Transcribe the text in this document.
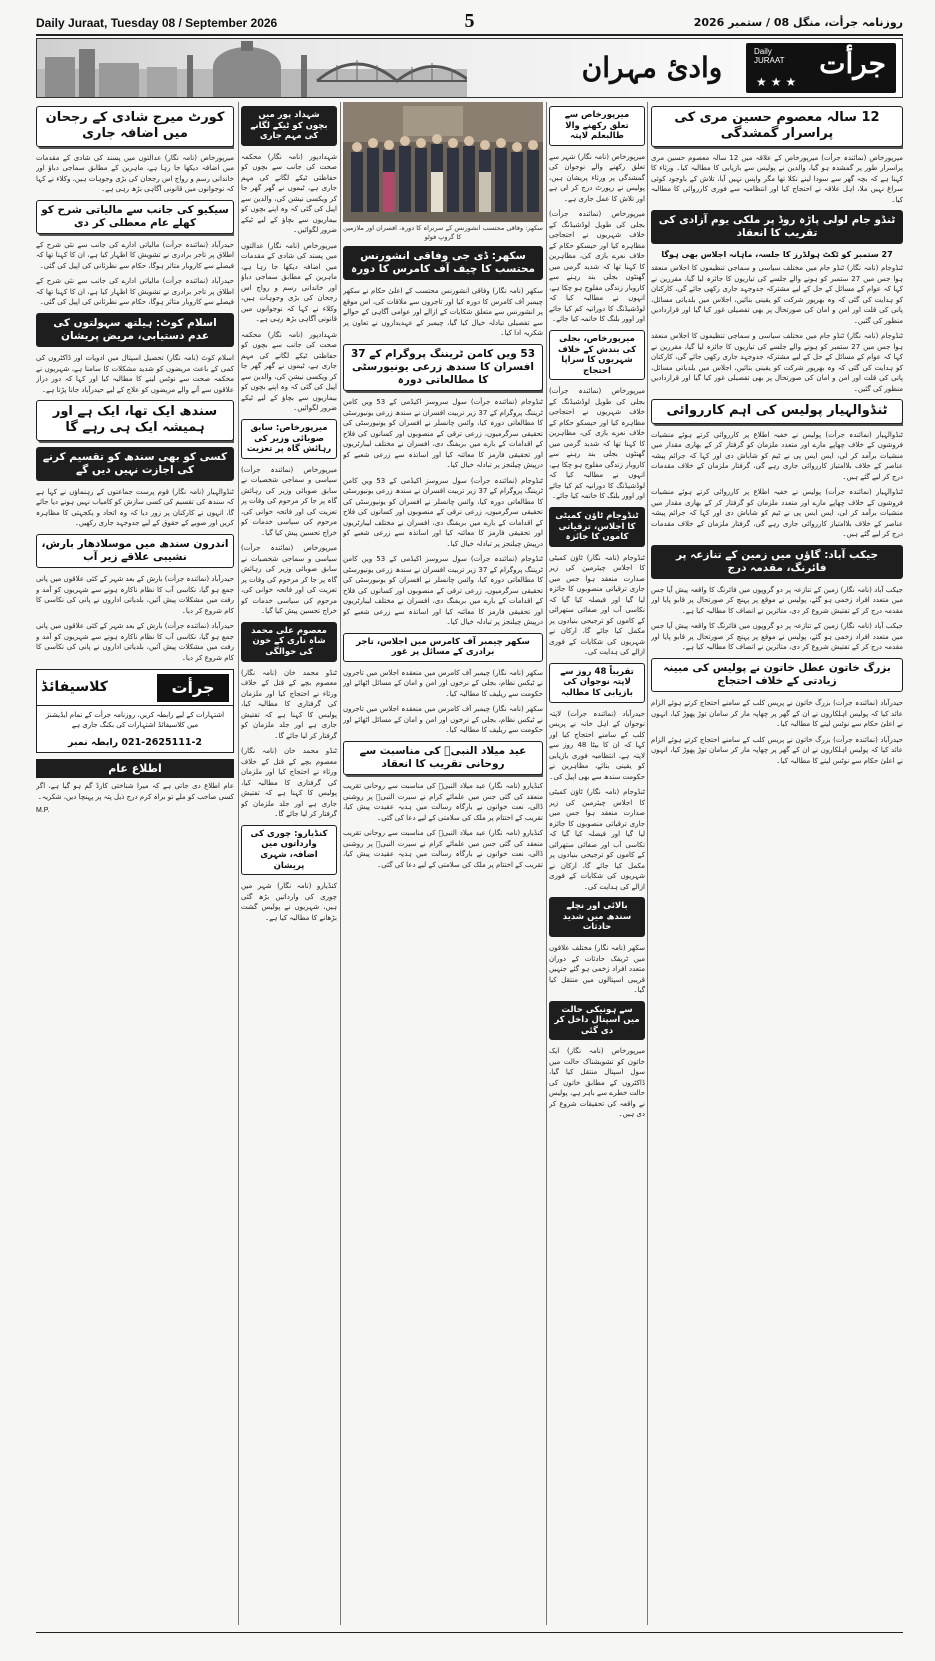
Daily Juraat, Tuesday 08 / September 2026	5	روزنامہ جرأت، منگل 08 / ستمبر 2026
وادیٔ مہران	Daily
JURAAT جرأت
★★★
12 سالہ معصوم حسین مری کی پراسرار گمشدگی
میرپورخاص (نمائندہ جرأت) میرپورخاص کے علاقہ میں 12 سالہ معصوم حسین مری پراسرار طور پر گمشدہ ہو گیا، والدین نے پولیس سے بازیابی کا مطالبہ کیا۔ ورثاء کا کہنا ہے کہ بچہ گھر سے سودا لینے نکلا تھا مگر واپس نہیں آیا، تلاش کے باوجود کوئی سراغ نہیں ملا، اہل علاقہ نے احتجاج کیا اور انتظامیہ سے فوری کارروائی کا مطالبہ کیا۔
ٹنڈو جام لولی پاڑہ روڈ پر ملکی یوم آزادی کی تقریب کا انعقاد
27 ستمبر کو ٹکٹ ہولڈرز کا جلسہ، ماہانہ اجلاس بھی ہوگا
ٹنڈوجام (نامہ نگار) ٹنڈو جام میں مختلف سیاسی و سماجی تنظیموں کا اجلاس منعقد ہوا جس میں 27 ستمبر کو ہونے والے جلسے کی تیاریوں کا جائزہ لیا گیا، مقررین نے کہا کہ عوام کے مسائل کے حل کے لیے مشترکہ جدوجہد جاری رکھی جائے گی، کارکنان کو ہدایت کی گئی کہ وہ بھرپور شرکت کو یقینی بنائیں، اجلاس میں بلدیاتی مسائل، پانی کی قلت اور امن و امان کی صورتحال پر بھی تفصیلی غور کیا گیا اور قراردادیں منظور کی گئیں۔
ٹنڈوجام (نامہ نگار) ٹنڈو جام میں مختلف سیاسی و سماجی تنظیموں کا اجلاس منعقد ہوا جس میں 27 ستمبر کو ہونے والے جلسے کی تیاریوں کا جائزہ لیا گیا، مقررین نے کہا کہ عوام کے مسائل کے حل کے لیے مشترکہ جدوجہد جاری رکھی جائے گی، کارکنان کو ہدایت کی گئی کہ وہ بھرپور شرکت کو یقینی بنائیں، اجلاس میں بلدیاتی مسائل، پانی کی قلت اور امن و امان کی صورتحال پر بھی تفصیلی غور کیا گیا اور قراردادیں منظور کی گئیں۔
ٹنڈوالہیار پولیس کی اہم کارروائی
ٹنڈوالہیار (نمائندہ جرأت) پولیس نے خفیہ اطلاع پر کارروائی کرتے ہوئے منشیات فروشوں کے خلاف چھاپے مارے اور متعدد ملزمان کو گرفتار کر کے بھاری مقدار میں منشیات برآمد کر لی، ایس ایس پی نے ٹیم کو شاباش دی اور کہا کہ جرائم پیشہ عناصر کے خلاف بلاامتیاز کارروائی جاری رہے گی، گرفتار ملزمان کے خلاف مقدمات درج کر لیے گئے ہیں۔
ٹنڈوالہیار (نمائندہ جرأت) پولیس نے خفیہ اطلاع پر کارروائی کرتے ہوئے منشیات فروشوں کے خلاف چھاپے مارے اور متعدد ملزمان کو گرفتار کر کے بھاری مقدار میں منشیات برآمد کر لی، ایس ایس پی نے ٹیم کو شاباش دی اور کہا کہ جرائم پیشہ عناصر کے خلاف بلاامتیاز کارروائی جاری رہے گی، گرفتار ملزمان کے خلاف مقدمات درج کر لیے گئے ہیں۔
جیکب آباد: گاؤں میں زمین کے تنازعہ پر فائرنگ، مقدمہ درج
جیکب آباد (نامہ نگار) زمین کے تنازعہ پر دو گروپوں میں فائرنگ کا واقعہ پیش آیا جس میں متعدد افراد زخمی ہو گئے، پولیس نے موقع پر پہنچ کر صورتحال پر قابو پایا اور مقدمہ درج کر کے تفتیش شروع کر دی، متاثرین نے انصاف کا مطالبہ کیا ہے۔
جیکب آباد (نامہ نگار) زمین کے تنازعہ پر دو گروپوں میں فائرنگ کا واقعہ پیش آیا جس میں متعدد افراد زخمی ہو گئے، پولیس نے موقع پر پہنچ کر صورتحال پر قابو پایا اور مقدمہ درج کر کے تفتیش شروع کر دی، متاثرین نے انصاف کا مطالبہ کیا ہے۔
بزرگ خاتون عطل خاتون نے پولیس کی مبینہ زیادتی کے خلاف احتجاج
حیدرآباد (نمائندہ جرأت) بزرگ خاتون نے پریس کلب کے سامنے احتجاج کرتے ہوئے الزام عائد کیا کہ پولیس اہلکاروں نے ان کے گھر پر چھاپہ مار کر سامان توڑ پھوڑ کیا، انہوں نے اعلیٰ حکام سے نوٹس لینے کا مطالبہ کیا۔
حیدرآباد (نمائندہ جرأت) بزرگ خاتون نے پریس کلب کے سامنے احتجاج کرتے ہوئے الزام عائد کیا کہ پولیس اہلکاروں نے ان کے گھر پر چھاپہ مار کر سامان توڑ پھوڑ کیا، انہوں نے اعلیٰ حکام سے نوٹس لینے کا مطالبہ کیا۔
میرپورخاص سے تعلق رکھنے والا طالبعلم لاپتہ
میرپورخاص (نامہ نگار) شہر سے تعلق رکھنے والے نوجوان کی گمشدگی پر ورثاء پریشان ہیں، پولیس نے رپورٹ درج کر لی ہے اور تلاش کا عمل جاری ہے۔
میرپورخاص (نمائندہ جرأت) بجلی کی طویل لوڈشیڈنگ کے خلاف شہریوں نے احتجاجی مظاہرہ کیا اور حیسکو حکام کے خلاف نعرے بازی کی، مظاہرین کا کہنا تھا کہ شدید گرمی میں گھنٹوں بجلی بند رہنے سے کاروبار زندگی مفلوج ہو چکا ہے، انہوں نے مطالبہ کیا کہ لوڈشیڈنگ کا دورانیہ کم کیا جائے اور اوور بلنگ کا خاتمہ کیا جائے۔
میرپورخاص، بجلی کی بندش کے خلاف شہریوں کا سراپا احتجاج
میرپورخاص (نمائندہ جرأت) بجلی کی طویل لوڈشیڈنگ کے خلاف شہریوں نے احتجاجی مظاہرہ کیا اور حیسکو حکام کے خلاف نعرے بازی کی، مظاہرین کا کہنا تھا کہ شدید گرمی میں گھنٹوں بجلی بند رہنے سے کاروبار زندگی مفلوج ہو چکا ہے، انہوں نے مطالبہ کیا کہ لوڈشیڈنگ کا دورانیہ کم کیا جائے اور اوور بلنگ کا خاتمہ کیا جائے۔
ٹنڈوجام ٹاؤن کمیٹی کا اجلاس، ترقیاتی کاموں کا جائزہ
ٹنڈوجام (نامہ نگار) ٹاؤن کمیٹی کا اجلاس چیئرمین کی زیر صدارت منعقد ہوا جس میں جاری ترقیاتی منصوبوں کا جائزہ لیا گیا اور فیصلہ کیا گیا کہ نکاسی آب اور صفائی ستھرائی کے کاموں کو ترجیحی بنیادوں پر مکمل کیا جائے گا، ارکان نے شہریوں کی شکایات کے فوری ازالے کی ہدایت کی۔
تقریباً 48 روز سے لاپتہ نوجوان کی بازیابی کا مطالبہ
حیدرآباد (نمائندہ جرأت) لاپتہ نوجوان کے اہل خانہ نے پریس کلب کے سامنے احتجاج کیا اور کہا کہ ان کا بیٹا 48 روز سے لاپتہ ہے، انتظامیہ فوری بازیابی کو یقینی بنائے، مظاہرین نے حکومت سندھ سے بھی اپیل کی۔
ٹنڈوجام (نامہ نگار) ٹاؤن کمیٹی کا اجلاس چیئرمین کی زیر صدارت منعقد ہوا جس میں جاری ترقیاتی منصوبوں کا جائزہ لیا گیا اور فیصلہ کیا گیا کہ نکاسی آب اور صفائی ستھرائی کے کاموں کو ترجیحی بنیادوں پر مکمل کیا جائے گا، ارکان نے شہریوں کی شکایات کے فوری ازالے کی ہدایت کی۔
بالائی اور نچلے سندھ میں شدید حادثات
سکھر (نامہ نگار) مختلف علاقوں میں ٹریفک حادثات کے دوران متعدد افراد زخمی ہو گئے جنہیں قریبی اسپتالوں میں منتقل کیا گیا۔
سے ہونیکی حالت میں اسپتال داخل کر دی گئی
میرپورخاص (نامہ نگار) ایک خاتون کو تشویشناک حالت میں سول اسپتال منتقل کیا گیا، ڈاکٹروں کے مطابق خاتون کی حالت خطرے سے باہر ہے، پولیس نے واقعہ کی تحقیقات شروع کر دی ہیں۔
سکھر: وفاقی محتسب انشورنس کے سربراہ کا دورہ، افسران اور ملازمین کا گروپ فوٹو
سکھر: ڈی جی وفاقی انشورنس محتسب کا چیف آف کامرس کا دورہ
سکھر (نامہ نگار) وفاقی انشورنس محتسب کے اعلیٰ حکام نے سکھر چیمبر آف کامرس کا دورہ کیا اور تاجروں سے ملاقات کی، اس موقع پر انشورنس سے متعلق شکایات کے ازالے اور عوامی آگاہی کے حوالے سے تفصیلی تبادلہ خیال کیا گیا، چیمبر کے عہدیداروں نے تعاون پر شکریہ ادا کیا۔
53 ویں کامن ٹریننگ پروگرام کے 37 افسران کا سندھ زرعی یونیورسٹی کا مطالعاتی دورہ
ٹنڈوجام (نمائندہ جرأت) سول سروسز اکیڈمی کے 53 ویں کامن ٹریننگ پروگرام کے 37 زیر تربیت افسران نے سندھ زرعی یونیورسٹی کا مطالعاتی دورہ کیا، وائس چانسلر نے افسران کو یونیورسٹی کی تحقیقی سرگرمیوں، زرعی ترقی کے منصوبوں اور کسانوں کی فلاح کے اقدامات کے بارے میں بریفنگ دی، افسران نے مختلف لیبارٹریوں اور تحقیقی فارمز کا معائنہ کیا اور اساتذہ سے زرعی شعبے کو درپیش چیلنجز پر تبادلہ خیال کیا۔
ٹنڈوجام (نمائندہ جرأت) سول سروسز اکیڈمی کے 53 ویں کامن ٹریننگ پروگرام کے 37 زیر تربیت افسران نے سندھ زرعی یونیورسٹی کا مطالعاتی دورہ کیا، وائس چانسلر نے افسران کو یونیورسٹی کی تحقیقی سرگرمیوں، زرعی ترقی کے منصوبوں اور کسانوں کی فلاح کے اقدامات کے بارے میں بریفنگ دی، افسران نے مختلف لیبارٹریوں اور تحقیقی فارمز کا معائنہ کیا اور اساتذہ سے زرعی شعبے کو درپیش چیلنجز پر تبادلہ خیال کیا۔
ٹنڈوجام (نمائندہ جرأت) سول سروسز اکیڈمی کے 53 ویں کامن ٹریننگ پروگرام کے 37 زیر تربیت افسران نے سندھ زرعی یونیورسٹی کا مطالعاتی دورہ کیا، وائس چانسلر نے افسران کو یونیورسٹی کی تحقیقی سرگرمیوں، زرعی ترقی کے منصوبوں اور کسانوں کی فلاح کے اقدامات کے بارے میں بریفنگ دی، افسران نے مختلف لیبارٹریوں اور تحقیقی فارمز کا معائنہ کیا اور اساتذہ سے زرعی شعبے کو درپیش چیلنجز پر تبادلہ خیال کیا۔
سکھر چیمبر آف کامرس میں اجلاس، تاجر برادری کے مسائل پر غور
سکھر (نامہ نگار) چیمبر آف کامرس میں منعقدہ اجلاس میں تاجروں نے ٹیکس نظام، بجلی کے نرخوں اور امن و امان کے مسائل اٹھائے اور حکومت سے ریلیف کا مطالبہ کیا۔
سکھر (نامہ نگار) چیمبر آف کامرس میں منعقدہ اجلاس میں تاجروں نے ٹیکس نظام، بجلی کے نرخوں اور امن و امان کے مسائل اٹھائے اور حکومت سے ریلیف کا مطالبہ کیا۔
عید میلاد النبیؐ کی مناسبت سے روحانی تقریب کا انعقاد
کنڈیارو (نامہ نگار) عید میلاد النبیؐ کی مناسبت سے روحانی تقریب منعقد کی گئی جس میں علمائے کرام نے سیرت النبیؐ پر روشنی ڈالی، نعت خوانوں نے بارگاہ رسالت میں ہدیہ عقیدت پیش کیا، تقریب کے اختتام پر ملک کی سلامتی کے لیے دعا کی گئی۔
کنڈیارو (نامہ نگار) عید میلاد النبیؐ کی مناسبت سے روحانی تقریب منعقد کی گئی جس میں علمائے کرام نے سیرت النبیؐ پر روشنی ڈالی، نعت خوانوں نے بارگاہ رسالت میں ہدیہ عقیدت پیش کیا، تقریب کے اختتام پر ملک کی سلامتی کے لیے دعا کی گئی۔
شہداد پور میں بچوں کو ٹیکے لگانے کی مہم جاری
شہدادپور (نامہ نگار) محکمہ صحت کی جانب سے بچوں کو حفاظتی ٹیکے لگانے کی مہم جاری ہے، ٹیموں نے گھر گھر جا کر ویکسی نیشن کی، والدین سے اپیل کی گئی کہ وہ اپنے بچوں کو بیماریوں سے بچاؤ کے لیے ٹیکے ضرور لگوائیں۔
میرپورخاص (نامہ نگار) عدالتوں میں پسند کی شادی کے مقدمات میں اضافہ دیکھا جا رہا ہے، ماہرین کے مطابق سماجی دباؤ اور خاندانی رسم و رواج اس رجحان کی بڑی وجوہات ہیں، وکلاء نے کہا کہ نوجوانوں میں قانونی آگاہی بڑھ رہی ہے۔
شہدادپور (نامہ نگار) محکمہ صحت کی جانب سے بچوں کو حفاظتی ٹیکے لگانے کی مہم جاری ہے، ٹیموں نے گھر گھر جا کر ویکسی نیشن کی، والدین سے اپیل کی گئی کہ وہ اپنے بچوں کو بیماریوں سے بچاؤ کے لیے ٹیکے ضرور لگوائیں۔
میرپورخاص: سابق صوبائی وزیر کی رہائش گاہ پر تعزیت
میرپورخاص (نمائندہ جرأت) سیاسی و سماجی شخصیات نے سابق صوبائی وزیر کی رہائش گاہ پر جا کر مرحوم کی وفات پر تعزیت کی اور فاتحہ خوانی کی، مرحوم کی سیاسی خدمات کو خراج تحسین پیش کیا گیا۔
میرپورخاص (نمائندہ جرأت) سیاسی و سماجی شخصیات نے سابق صوبائی وزیر کی رہائش گاہ پر جا کر مرحوم کی وفات پر تعزیت کی اور فاتحہ خوانی کی، مرحوم کی سیاسی خدمات کو خراج تحسین پیش کیا گیا۔
معصوم علی محمد شاہ ناری کے خون کی حوالگی
ٹنڈو محمد خان (نامہ نگار) معصوم بچے کے قتل کے خلاف ورثاء نے احتجاج کیا اور ملزمان کی گرفتاری کا مطالبہ کیا، پولیس کا کہنا ہے کہ تفتیش جاری ہے اور جلد ملزمان کو گرفتار کر لیا جائے گا۔
ٹنڈو محمد خان (نامہ نگار) معصوم بچے کے قتل کے خلاف ورثاء نے احتجاج کیا اور ملزمان کی گرفتاری کا مطالبہ کیا، پولیس کا کہنا ہے کہ تفتیش جاری ہے اور جلد ملزمان کو گرفتار کر لیا جائے گا۔
کنڈیارو: چوری کی وارداتوں میں اضافہ، شہری پریشان
کنڈیارو (نامہ نگار) شہر میں چوری کی وارداتیں بڑھ گئی ہیں، شہریوں نے پولیس گشت بڑھانے کا مطالبہ کیا ہے۔
کورٹ میرج شادی کے رجحان میں اضافہ جاری
میرپورخاص (نامہ نگار) عدالتوں میں پسند کی شادی کے مقدمات میں اضافہ دیکھا جا رہا ہے، ماہرین کے مطابق سماجی دباؤ اور خاندانی رسم و رواج اس رجحان کی بڑی وجوہات ہیں، وکلاء نے کہا کہ نوجوانوں میں قانونی آگاہی بڑھ رہی ہے۔
سیکیو کی جانب سے مالیاتی شرح کو کھلے عام معطلی کر دی
حیدرآباد (نمائندہ جرأت) مالیاتی ادارے کی جانب سے نئی شرح کے اطلاق پر تاجر برادری نے تشویش کا اظہار کیا ہے، ان کا کہنا تھا کہ فیصلے سے کاروبار متاثر ہوگا، حکام سے نظرثانی کی اپیل کی گئی۔
حیدرآباد (نمائندہ جرأت) مالیاتی ادارے کی جانب سے نئی شرح کے اطلاق پر تاجر برادری نے تشویش کا اظہار کیا ہے، ان کا کہنا تھا کہ فیصلے سے کاروبار متاثر ہوگا، حکام سے نظرثانی کی اپیل کی گئی۔
اسلام کوٹ: ہیلتھ سہولتوں کی عدم دستیابی، مریض پریشان
اسلام کوٹ (نامہ نگار) تحصیل اسپتال میں ادویات اور ڈاکٹروں کی کمی کے باعث مریضوں کو شدید مشکلات کا سامنا ہے، شہریوں نے محکمہ صحت سے نوٹس لینے کا مطالبہ کیا اور کہا کہ دور دراز علاقوں سے آنے والے مریضوں کو علاج کے لیے حیدرآباد جانا پڑتا ہے۔
سندھ ایک تھا، ایک ہے اور ہمیشہ ایک ہی رہے گا
کسی کو بھی سندھ کو تقسیم کرنے کی اجازت نہیں دیں گے
ٹنڈوالہیار (نامہ نگار) قوم پرست جماعتوں کے رہنماؤں نے کہا ہے کہ سندھ کی تقسیم کی کسی سازش کو کامیاب نہیں ہونے دیا جائے گا، انہوں نے کارکنان پر زور دیا کہ وہ اتحاد و یکجہتی کا مظاہرہ کریں اور صوبے کے حقوق کے لیے جدوجہد جاری رکھیں۔
اندرون سندھ میں موسلادھار بارش، نشیبی علاقے زیر آب
حیدرآباد (نمائندہ جرأت) بارش کے بعد شہر کے کئی علاقوں میں پانی جمع ہو گیا، نکاسی آب کا نظام ناکارہ ہونے سے شہریوں کو آمد و رفت میں مشکلات پیش آئیں، بلدیاتی اداروں نے پانی کی نکاسی کا کام شروع کر دیا۔
حیدرآباد (نمائندہ جرأت) بارش کے بعد شہر کے کئی علاقوں میں پانی جمع ہو گیا، نکاسی آب کا نظام ناکارہ ہونے سے شہریوں کو آمد و رفت میں مشکلات پیش آئیں، بلدیاتی اداروں نے پانی کی نکاسی کا کام شروع کر دیا۔
کلاسیفائڈ	جرأت
اشتہارات کے لیے رابطہ کریں، روزنامہ جرأت کے تمام ایڈیشنز میں کلاسیفائڈ اشتہارات کی بکنگ جاری ہے
021-2625111-2 رابطہ نمبر
اطلاع عام
عام اطلاع دی جاتی ہے کہ میرا شناختی کارڈ گم ہو گیا ہے، اگر کسی صاحب کو ملے تو براہ کرم درج ذیل پتہ پر پہنچا دیں، شکریہ۔
M.P.
